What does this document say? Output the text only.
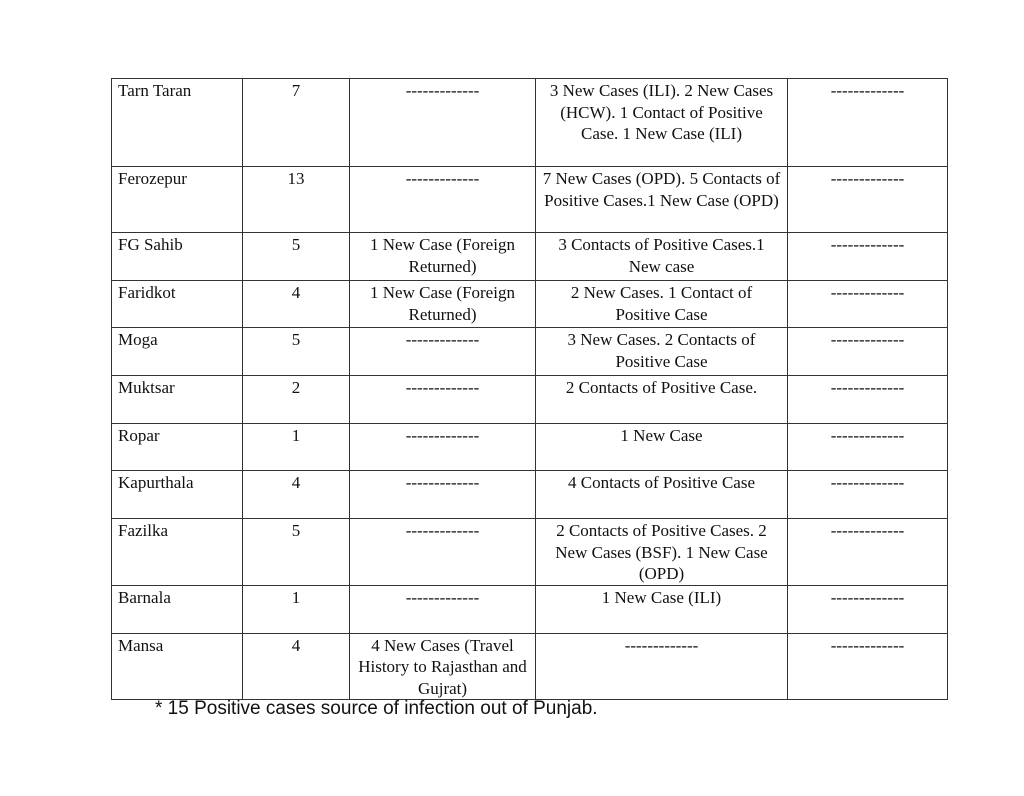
Tarn Taran	7	-------------	3 New Cases (ILI). 2 New Cases (HCW). 1 Contact of Positive Case. 1 New Case (ILI)	-------------
Ferozepur	13	-------------	7 New Cases (OPD). 5 Contacts of Positive Cases.1 New Case (OPD)	-------------
FG Sahib	5	1 New Case (Foreign Returned)	3 Contacts of Positive Cases.1 New case	-------------
Faridkot	4	1 New Case (Foreign Returned)	2 New Cases. 1 Contact of Positive Case	-------------
Moga	5	-------------	3 New Cases. 2 Contacts of Positive Case	-------------
Muktsar	2	-------------	2 Contacts of Positive Case.	-------------
Ropar	1	-------------	1 New Case	-------------
Kapurthala	4	-------------	4 Contacts of Positive Case	-------------
Fazilka	5	-------------	2 Contacts of Positive Cases. 2 New Cases (BSF). 1 New Case (OPD)	-------------
Barnala	1	-------------	1 New Case (ILI)	-------------
Mansa	4	4 New Cases (Travel History to Rajasthan and Gujrat)	-------------	-------------
* 15 Positive cases source of infection out of Punjab.
